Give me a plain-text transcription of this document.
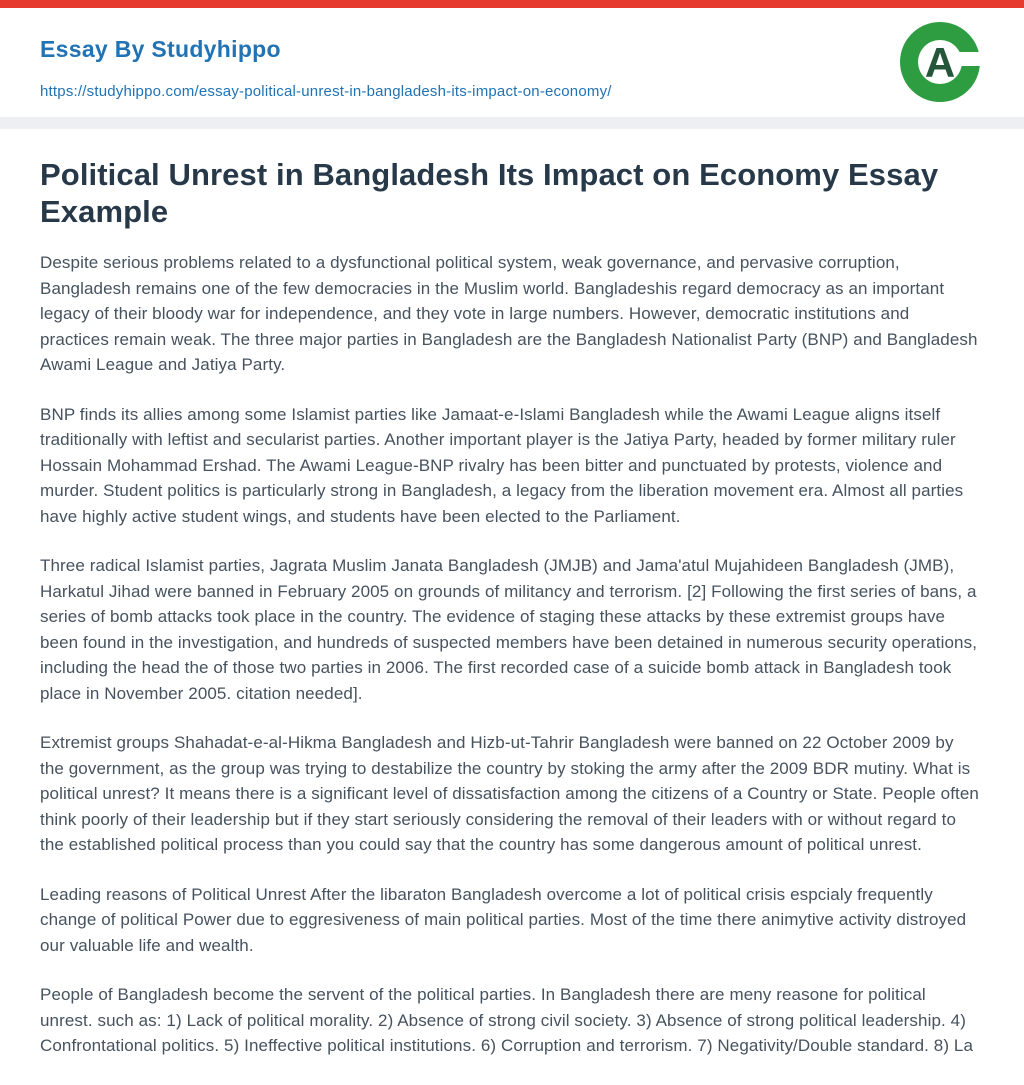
Essay By Studyhippo
https://studyhippo.com/essay-political-unrest-in-bangladesh-its-impact-on-economy/
A
Political Unrest in Bangladesh Its Impact on Economy Essay Example

Despite serious problems related to a dysfunctional political system, weak governance, and pervasive corruption, Bangladesh remains one of the few democracies in the Muslim world. Bangladeshis regard democracy as an important legacy of their bloody war for independence, and they vote in large numbers. However, democratic institutions and practices remain weak. The three major parties in Bangladesh are the Bangladesh Nationalist Party (BNP) and Bangladesh Awami League and Jatiya Party.

BNP finds its allies among some Islamist parties like Jamaat-e-Islami Bangladesh while the Awami League aligns itself traditionally with leftist and secularist parties. Another important player is the Jatiya Party, headed by former military ruler Hossain Mohammad Ershad. The Awami League-BNP rivalry has been bitter and punctuated by protests, violence and murder. Student politics is particularly strong in Bangladesh, a legacy from the liberation movement era. Almost all parties have highly active student wings, and students have been elected to the Parliament.

Three radical Islamist parties, Jagrata Muslim Janata Bangladesh (JMJB) and Jama'atul Mujahideen Bangladesh (JMB), Harkatul Jihad were banned in February 2005 on grounds of militancy and terrorism. [2] Following the first series of bans, a series of bomb attacks took place in the country. The evidence of staging these attacks by these extremist groups have been found in the investigation, and hundreds of suspected members have been detained in numerous security operations, including the head the of those two parties in 2006. The first recorded case of a suicide bomb attack in Bangladesh took place in November 2005. citation needed].

Extremist groups Shahadat-e-al-Hikma Bangladesh and Hizb-ut-Tahrir Bangladesh were banned on 22 October 2009 by the government, as the group was trying to destabilize the country by stoking the army after the 2009 BDR mutiny. What is political unrest? It means there is a significant level of dissatisfaction among the citizens of a Country or State. People often think poorly of their leadership but if they start seriously considering the removal of their leaders with or without regard to the established political process than you could say that the country has some dangerous amount of political unrest.

Leading reasons of Political Unrest After the libaraton Bangladesh overcome a lot of political crisis espcialy frequently change of political Power due to eggresiveness of main political parties. Most of the time there animytive activity distroyed our valuable life and wealth.

People of Bangladesh become the servent of the political parties. In Bangladesh there are meny reasone for political unrest. such as: 1) Lack of political morality. 2) Absence of strong civil society. 3) Absence of strong political leadership. 4) Confrontational politics. 5) Ineffective political institutions. 6) Corruption and terrorism. 7) Negativity/Double standard. 8) La
